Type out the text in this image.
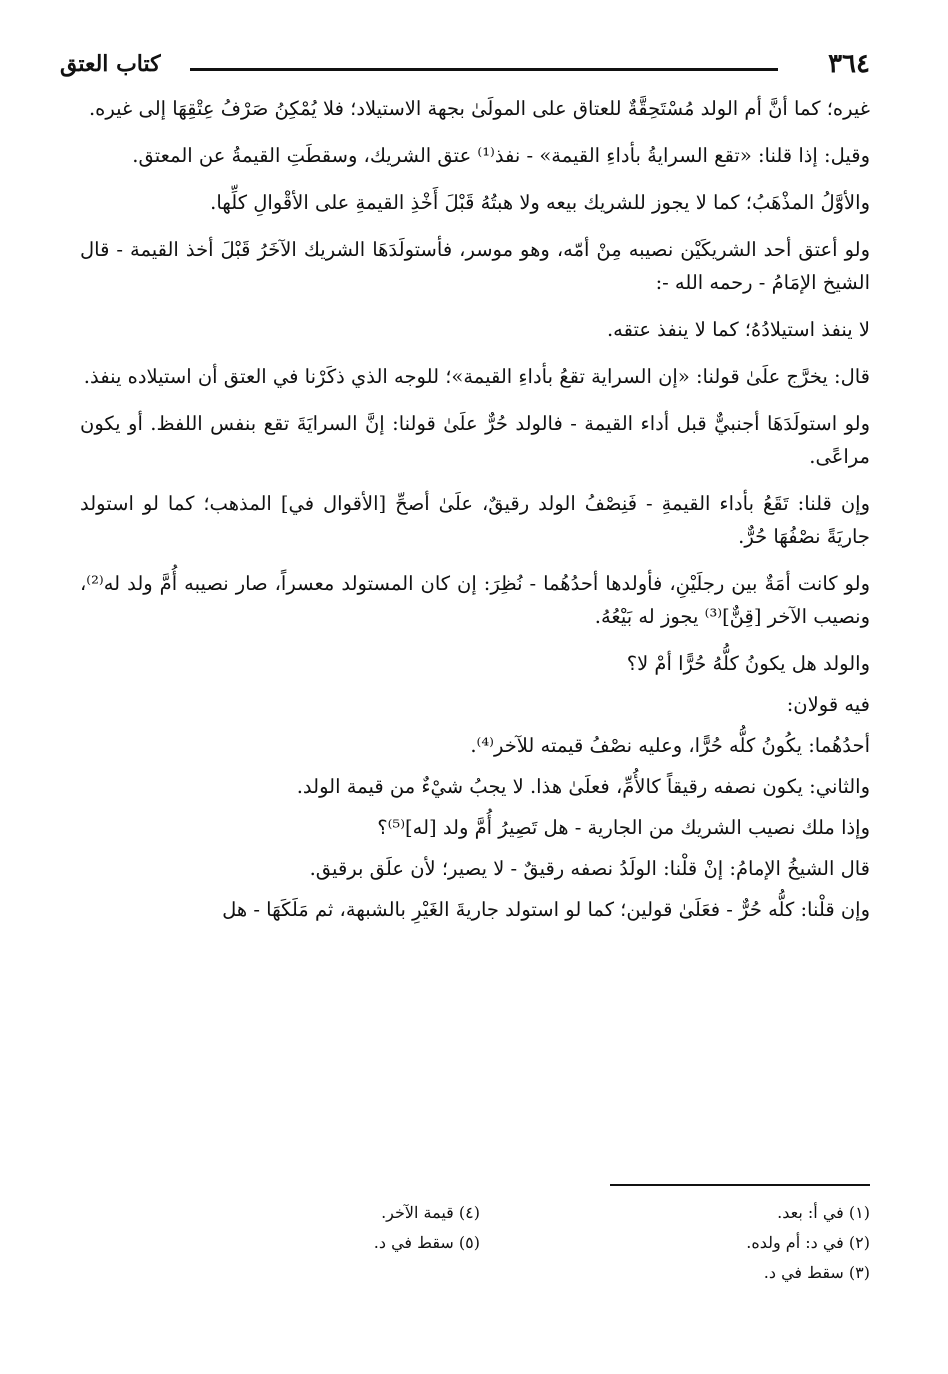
٣٦٤
كتاب العتق

غيره؛ كما أنَّ أم الولد مُسْتَحِقَّةٌ للعتاق على المولَىٰ بجهة الاستيلاد؛ فلا يُمْكِنُ صَرْفُ عِتْقِهَا إلى غيره.

وقيل: إذا قلنا: «تقع السرايةُ بأداءِ القيمة» - نفذ⁽¹⁾ عتق الشريك، وسقطَتِ القيمةُ عن المعتق.

والأوَّلُ المذْهَبُ؛ كما لا يجوز للشريك بيعه ولا هبتُهُ قَبْلَ أَخْذِ القيمةِ على الأقْوالِ كلِّها.

ولو أعتق أحد الشريكَيْن نصيبه مِنْ أمّه، وهو موسر، فأستولَدَهَا الشريك الآخَرُ قَبْلَ أخذ القيمة - قال الشيخ الإمَامُ - رحمه الله -:

لا ينفذ استيلادُهُ؛ كما لا ينفذ عتقه.

قال: يخرَّج علَىٰ قولنا: «إن السراية تقعُ بأداءِ القيمة»؛ للوجه الذي ذكَرْنا في العتق أن استيلاده ينفذ.

ولو استولَدَهَا أجنبيٌّ قبل أداء القيمة - فالولد حُرٌّ علَىٰ قولنا: إنَّ السرايَةَ تقع بنفس اللفظ. أو يكون مراعًى.

وإن قلنا: تَقَعُ بأداء القيمةِ - فَنِصْفُ الولد رقيقٌ، علَىٰ أصحِّ [الأقوال في] المذهب؛ كما لو استولد جاريَةً نصْفُهَا حُرٌّ.

ولو كانت أمَةٌ بين رجلَيْنِ، فأولدها أحدُهُما - نُظِرَ: إن كان المستولد معسراً، صار نصيبه أُمَّ ولد له⁽²⁾، ونصيب الآخر [قِنٌّ]⁽³⁾ يجوز له بَيْعُهُ.

والولد هل يكونُ كلُّهُ حُرًّا أمْ لا؟

فيه قولان:

أحدُهُما: يكُونُ كلُّه حُرًّا، وعليه نصْفُ قيمته للآخر⁽⁴⁾.

والثاني: يكون نصفه رقيقاً كالأُمِّ، فعلَىٰ هذا. لا يجبُ شيْءٌ من قيمة الولد.

وإذا ملك نصيب الشريك من الجارية - هل تَصِيرُ أُمَّ ولد [له]⁽⁵⁾؟

قال الشيخُ الإمامُ: إنْ قلْنا: الولَدُ نصفه رقيقٌ - لا يصير؛ لأن علَق برقيق.

وإن قلْنا: كلُّه حُرٌّ - فعَلَىٰ قولين؛ كما لو استولد جاريةَ الغَيْرِ بالشبهة، ثم مَلَكَهَا - هل

(١) في أ: بعد.
(٢) في د: أم ولده.
(٣) سقط في د.
(٤) قيمة الآخر.
(٥) سقط في د.
